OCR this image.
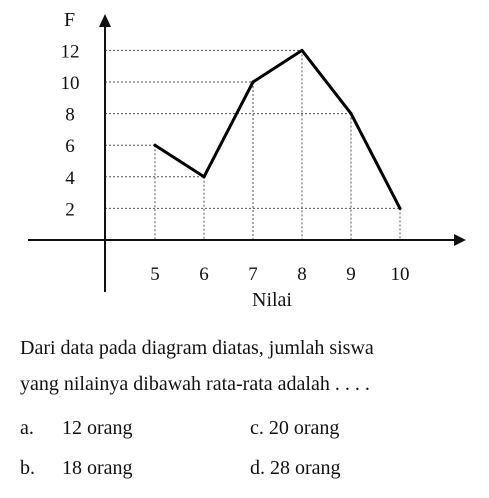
F
Nilai
2
4
6
8
10
12
5 6 7 8 9 10
Dari data pada diagram diatas, jumlah siswa
yang nilainya dibawah rata-rata adalah . . . .
a. 12 orang
b. 18 orang
c. 20 orang
d. 28 orang
